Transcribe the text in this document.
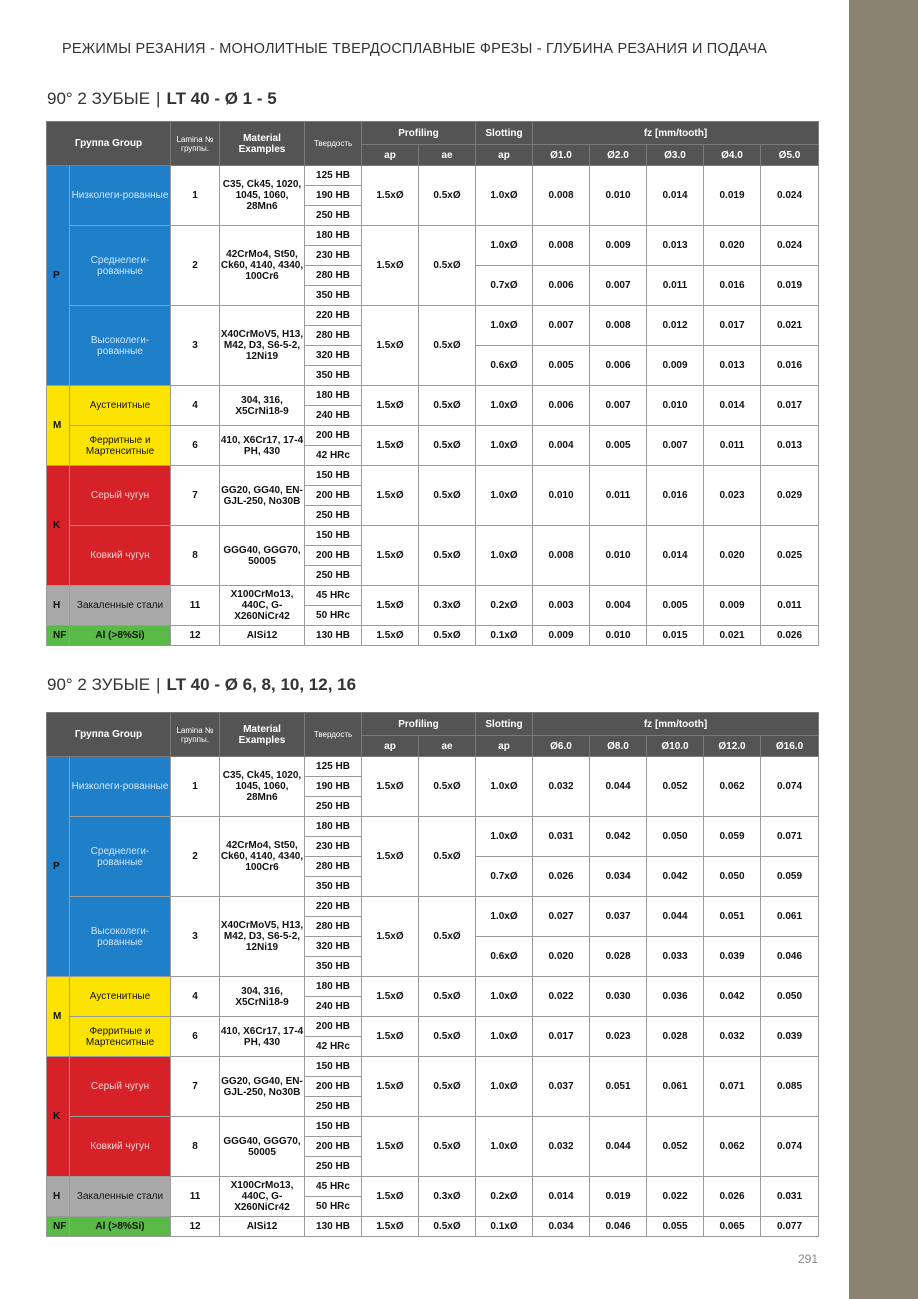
РЕЖИМЫ РЕЗАНИЯ - МОНОЛИТНЫЕ ТВЕРДОСПЛАВНЫЕ ФРЕЗЫ - ГЛУБИНА РЕЗАНИЯ И ПОДАЧА
90° 2 ЗУБЫЕ | LT 40 - Ø 1 - 5
90° 2 ЗУБЫЕ | LT 40 - Ø 6, 8, 10, 12, 16
Группа Group		Lamina № группы.	Material Examples	Твердость	Profiling		Slotting	fz [mm/tooth]				
					ap	ae	ap	Ø1.0	Ø2.0	Ø3.0	Ø4.0	Ø5.0
P	Низколеги-рованные	1	C35, Ck45, 1020, 1045, 1060, 28Mn6	125 HB	1.5xØ	0.5xØ	1.0xØ	0.008	0.010	0.014	0.019	0.024
				190 HB								
				250 HB								
	Среднелеги-рованные	2	42CrMo4, St50, Ck60, 4140, 4340, 100Cr6	180 HB	1.5xØ	0.5xØ	1.0xØ	0.008	0.009	0.013	0.020	0.024
				230 HB								
				280 HB			0.7xØ	0.006	0.007	0.011	0.016	0.019
				350 HB								
	Высоколеги-рованные	3	X40CrMoV5, H13, M42, D3, S6-5-2, 12Ni19	220 HB	1.5xØ	0.5xØ	1.0xØ	0.007	0.008	0.012	0.017	0.021
				280 HB								
				320 HB			0.6xØ	0.005	0.006	0.009	0.013	0.016
				350 HB								
M	Аустенитные	4	304, 316, X5CrNi18-9	180 HB	1.5xØ	0.5xØ	1.0xØ	0.006	0.007	0.010	0.014	0.017
				240 HB								
	Ферритные и Мартенситные	6	410, X6Cr17, 17-4 PH, 430	200 HB	1.5xØ	0.5xØ	1.0xØ	0.004	0.005	0.007	0.011	0.013
				42 HRc								
K	Серый чугун	7	GG20, GG40, EN-GJL-250, No30B	150 HB	1.5xØ	0.5xØ	1.0xØ	0.010	0.011	0.016	0.023	0.029
				200 HB								
				250 HB								
	Ковкий чугун	8	GGG40, GGG70, 50005	150 HB	1.5xØ	0.5xØ	1.0xØ	0.008	0.010	0.014	0.020	0.025
				200 HB								
				250 HB								
H	Закаленные стали	11	X100CrMo13, 440C, G-X260NiCr42	45 HRc	1.5xØ	0.3xØ	0.2xØ	0.003	0.004	0.005	0.009	0.011
				50 HRc								
NF	Al (>8%Si)	12	AISi12	130 HB	1.5xØ	0.5xØ	0.1xØ	0.009	0.010	0.015	0.021	0.026
Группа Group		Lamina № группы.	Material Examples	Твердость	Profiling		Slotting	fz [mm/tooth]				
					ap	ae	ap	Ø6.0	Ø8.0	Ø10.0	Ø12.0	Ø16.0
P	Низколеги-рованные	1	C35, Ck45, 1020, 1045, 1060, 28Mn6	125 HB	1.5xØ	0.5xØ	1.0xØ	0.032	0.044	0.052	0.062	0.074
				190 HB								
				250 HB								
	Среднелеги-рованные	2	42CrMo4, St50, Ck60, 4140, 4340, 100Cr6	180 HB	1.5xØ	0.5xØ	1.0xØ	0.031	0.042	0.050	0.059	0.071
				230 HB								
				280 HB			0.7xØ	0.026	0.034	0.042	0.050	0.059
				350 HB								
	Высоколеги-рованные	3	X40CrMoV5, H13, M42, D3, S6-5-2, 12Ni19	220 HB	1.5xØ	0.5xØ	1.0xØ	0.027	0.037	0.044	0.051	0.061
				280 HB								
				320 HB			0.6xØ	0.020	0.028	0.033	0.039	0.046
				350 HB								
M	Аустенитные	4	304, 316, X5CrNi18-9	180 HB	1.5xØ	0.5xØ	1.0xØ	0.022	0.030	0.036	0.042	0.050
				240 HB								
	Ферритные и Мартенситные	6	410, X6Cr17, 17-4 PH, 430	200 HB	1.5xØ	0.5xØ	1.0xØ	0.017	0.023	0.028	0.032	0.039
				42 HRc								
K	Серый чугун	7	GG20, GG40, EN-GJL-250, No30B	150 HB	1.5xØ	0.5xØ	1.0xØ	0.037	0.051	0.061	0.071	0.085
				200 HB								
				250 HB								
	Ковкий чугун	8	GGG40, GGG70, 50005	150 HB	1.5xØ	0.5xØ	1.0xØ	0.032	0.044	0.052	0.062	0.074
				200 HB								
				250 HB								
H	Закаленные стали	11	X100CrMo13, 440C, G-X260NiCr42	45 HRc	1.5xØ	0.3xØ	0.2xØ	0.014	0.019	0.022	0.026	0.031
				50 HRc								
NF	Al (>8%Si)	12	AISi12	130 HB	1.5xØ	0.5xØ	0.1xØ	0.034	0.046	0.055	0.065	0.077
291
